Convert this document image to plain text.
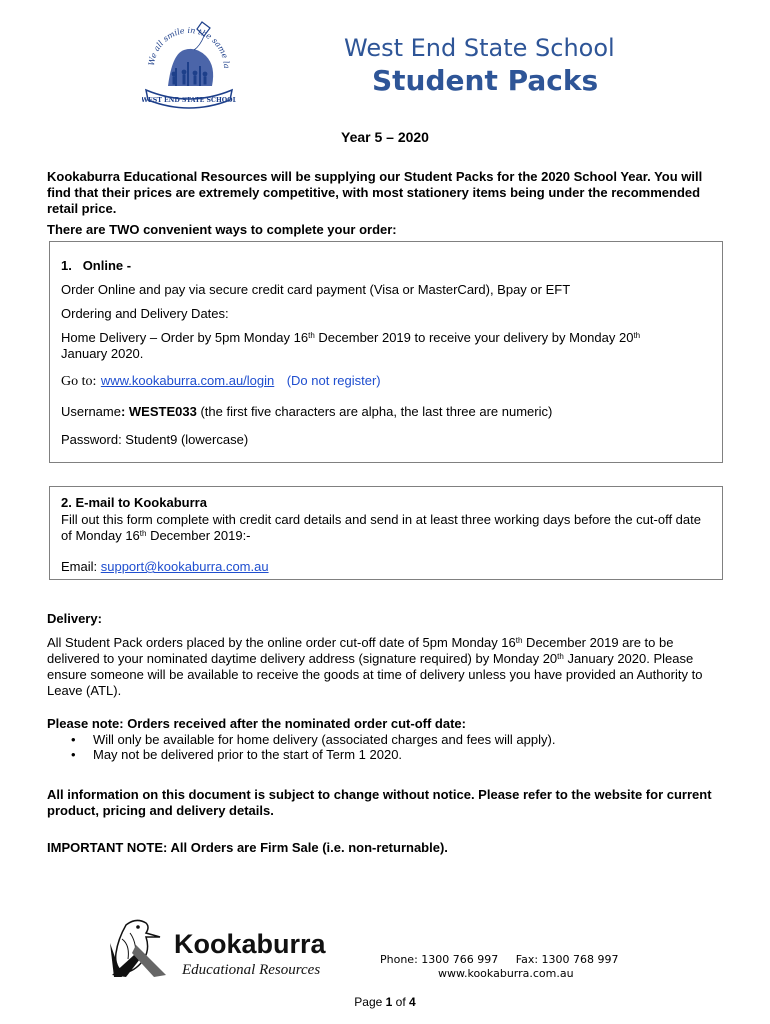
We all smile in the same la
WEST END STATE SCHOOL
West End State School
Student Packs
Year 5 – 2020
Kookaburra Educational Resources will be supplying our Student Packs for the 2020 School Year. You will find that their prices are extremely competitive, with most stationery items being under the recommended retail price.
There are TWO convenient ways to complete your order:
1. Online -
Order Online and pay via secure credit card payment (Visa or MasterCard), Bpay or EFT
Ordering and Delivery Dates:
Home Delivery – Order by 5pm Monday 16th December 2019 to receive your delivery by Monday 20th
January 2020.
Go to: www.kookaburra.com.au/login (Do not register)
Username: WESTE033 (the first five characters are alpha, the last three are numeric)
Password: Student9 (lowercase)
2. E-mail to Kookaburra
Fill out this form complete with credit card details and send in at least three working days before the cut-off date of Monday 16th December 2019:-
Email: support@kookaburra.com.au
Delivery:
All Student Pack orders placed by the online order cut-off date of 5pm Monday 16th December 2019 are to be delivered to your nominated daytime delivery address (signature required) by Monday 20th January 2020. Please ensure someone will be available to receive the goods at time of delivery unless you have provided an Authority to Leave (ATL).
Please note: Orders received after the nominated order cut-off date:
• Will only be available for home delivery (associated charges and fees will apply).
• May not be delivered prior to the start of Term 1 2020.
All information on this document is subject to change without notice. Please refer to the website for current product, pricing and delivery details.
IMPORTANT NOTE: All Orders are Firm Sale (i.e. non-returnable).
Kookaburra
Educational Resources
Phone: 1300 766 997 Fax: 1300 768 997
www.kookaburra.com.au
Page 1 of 4
